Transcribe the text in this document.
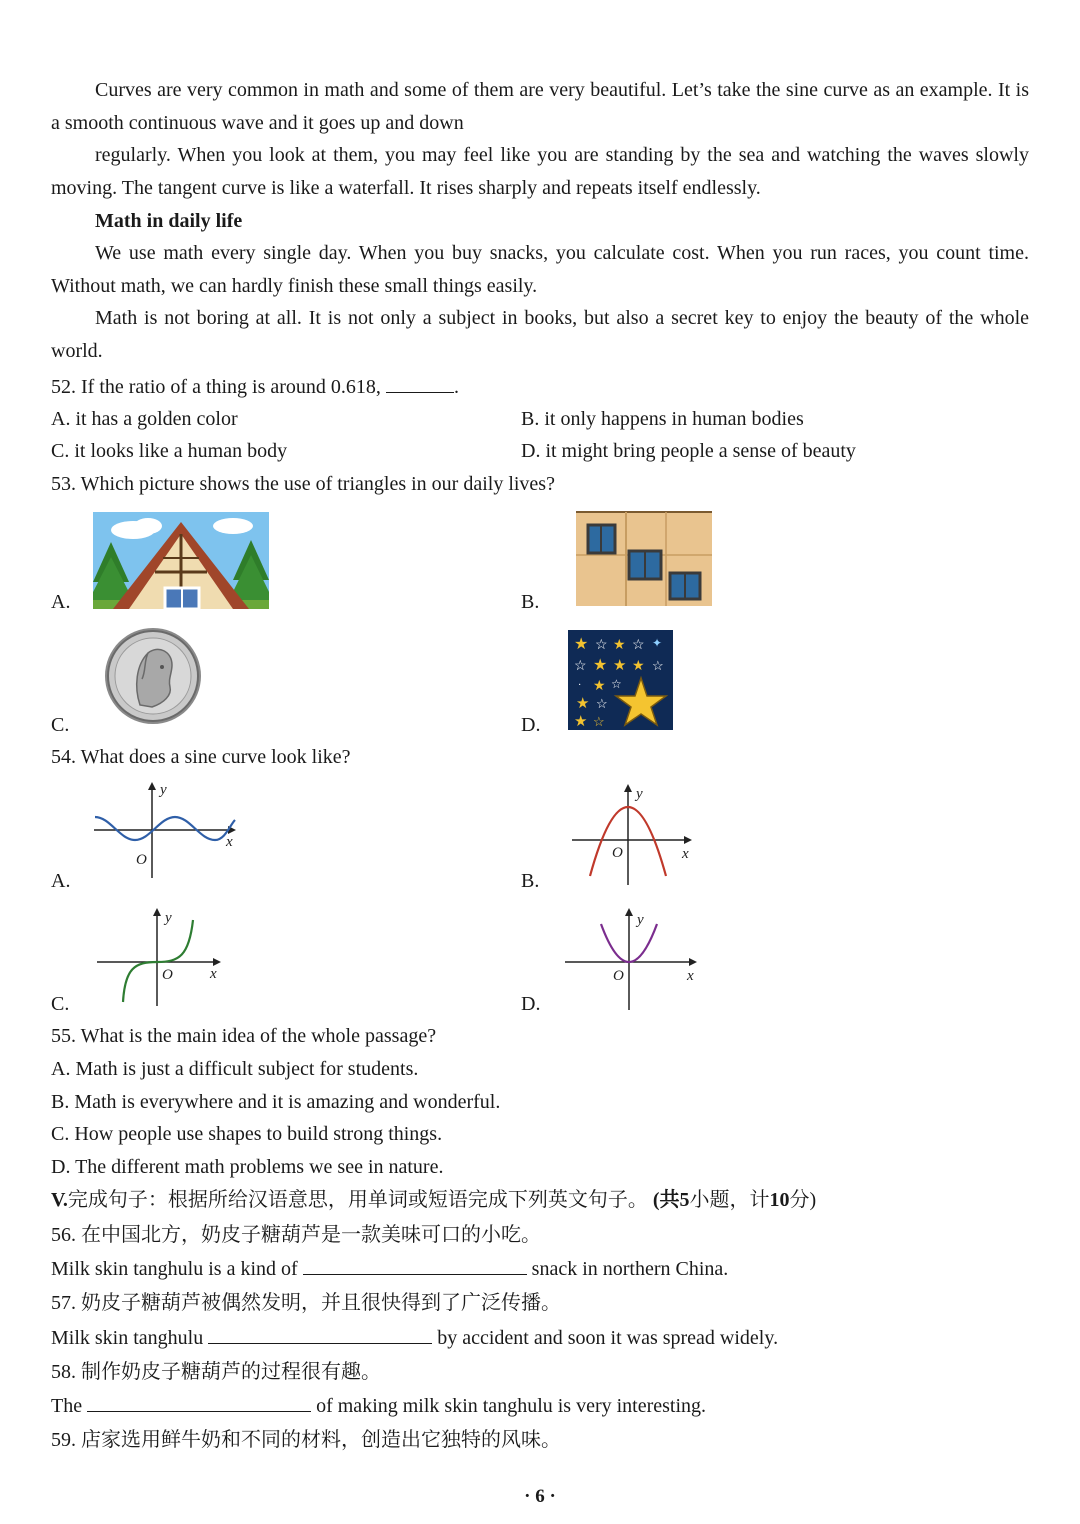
Curves are very common in math and some of them are very beautiful. Let’s take the sine curve as an example. It is a smooth continuous wave and it goes up and down
regularly. When you look at them, you may feel like you are standing by the sea and watching the waves slowly moving. The tangent curve is like a waterfall. It rises sharply and repeats itself endlessly.
Math in daily life
We use math every single day. When you buy snacks, you calculate cost. When you run races, you count time. Without math, we can hardly finish these small things easily.
Math is not boring at all. It is not only a subject in books, but also a secret key to enjoy the beauty of the whole world.
52. If the ratio of a thing is around 0.618,	.
A. it has a golden color	B. it only happens in human bodies
C. it looks like a human body	D. it might bring people a sense of beauty
53. Which picture shows the use of triangles in our daily lives?
A.	B.
C.	D.
★ ☆ ★ ☆ ✦
☆ ★ ★ ★ ☆
· ★ ☆
★ ☆
★ ☆
54. What does a sine curve look like?
A.	B.
C.	D.
y
x
O
y
x
O
y
x
O
y
x
O
55. What is the main idea of the whole passage?
A. Math is just a difficult subject for students.
B. Math is everywhere and it is amazing and wonderful.
C. How people use shapes to build strong things.
D. The different math problems we see in nature.
V.完成句子：根据所给汉语意思，用单词或短语完成下列英文句子。 (共5小题，计10分)
56. 在中国北方，奶皮子糖葫芦是一款美味可口的小吃。
Milk skin tanghulu is a kind of	snack in northern China.
57. 奶皮子糖葫芦被偶然发明，并且很快得到了广泛传播。
Milk skin tanghulu	by accident and soon it was spread widely.
58. 制作奶皮子糖葫芦的过程很有趣。
The	of making milk skin tanghulu is very interesting.
59. 店家选用鲜牛奶和不同的材料，创造出它独特的风味。
· 6 ·
